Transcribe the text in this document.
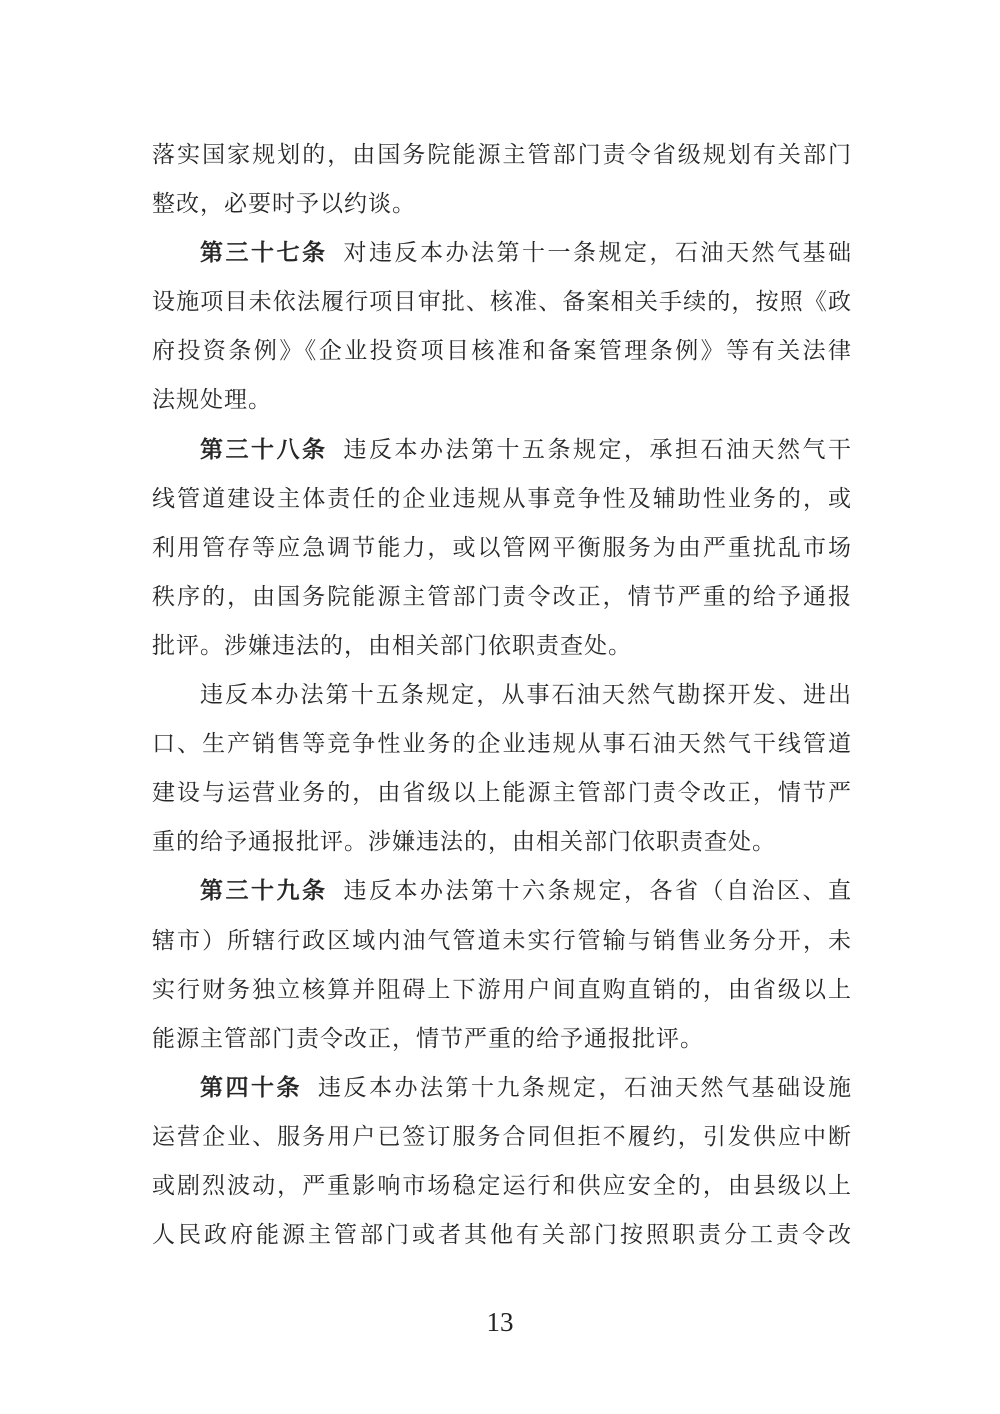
落实国家规划的，由国务院能源主管部门责令省级规划有关部门
整改，必要时予以约谈。
第三十七条 对违反本办法第十一条规定，石油天然气基础
设施项目未依法履行项目审批、核准、备案相关手续的，按照《政
府投资条例》《企业投资项目核准和备案管理条例》等有关法律
法规处理。
第三十八条 违反本办法第十五条规定，承担石油天然气干
线管道建设主体责任的企业违规从事竞争性及辅助性业务的，或
利用管存等应急调节能力，或以管网平衡服务为由严重扰乱市场
秩序的，由国务院能源主管部门责令改正，情节严重的给予通报
批评。涉嫌违法的，由相关部门依职责查处。
违反本办法第十五条规定，从事石油天然气勘探开发、进出
口、生产销售等竞争性业务的企业违规从事石油天然气干线管道
建设与运营业务的，由省级以上能源主管部门责令改正，情节严
重的给予通报批评。涉嫌违法的，由相关部门依职责查处。
第三十九条 违反本办法第十六条规定，各省（自治区、直
辖市）所辖行政区域内油气管道未实行管输与销售业务分开，未
实行财务独立核算并阻碍上下游用户间直购直销的，由省级以上
能源主管部门责令改正，情节严重的给予通报批评。
第四十条 违反本办法第十九条规定，石油天然气基础设施
运营企业、服务用户已签订服务合同但拒不履约，引发供应中断
或剧烈波动，严重影响市场稳定运行和供应安全的，由县级以上
人民政府能源主管部门或者其他有关部门按照职责分工责令改
13
